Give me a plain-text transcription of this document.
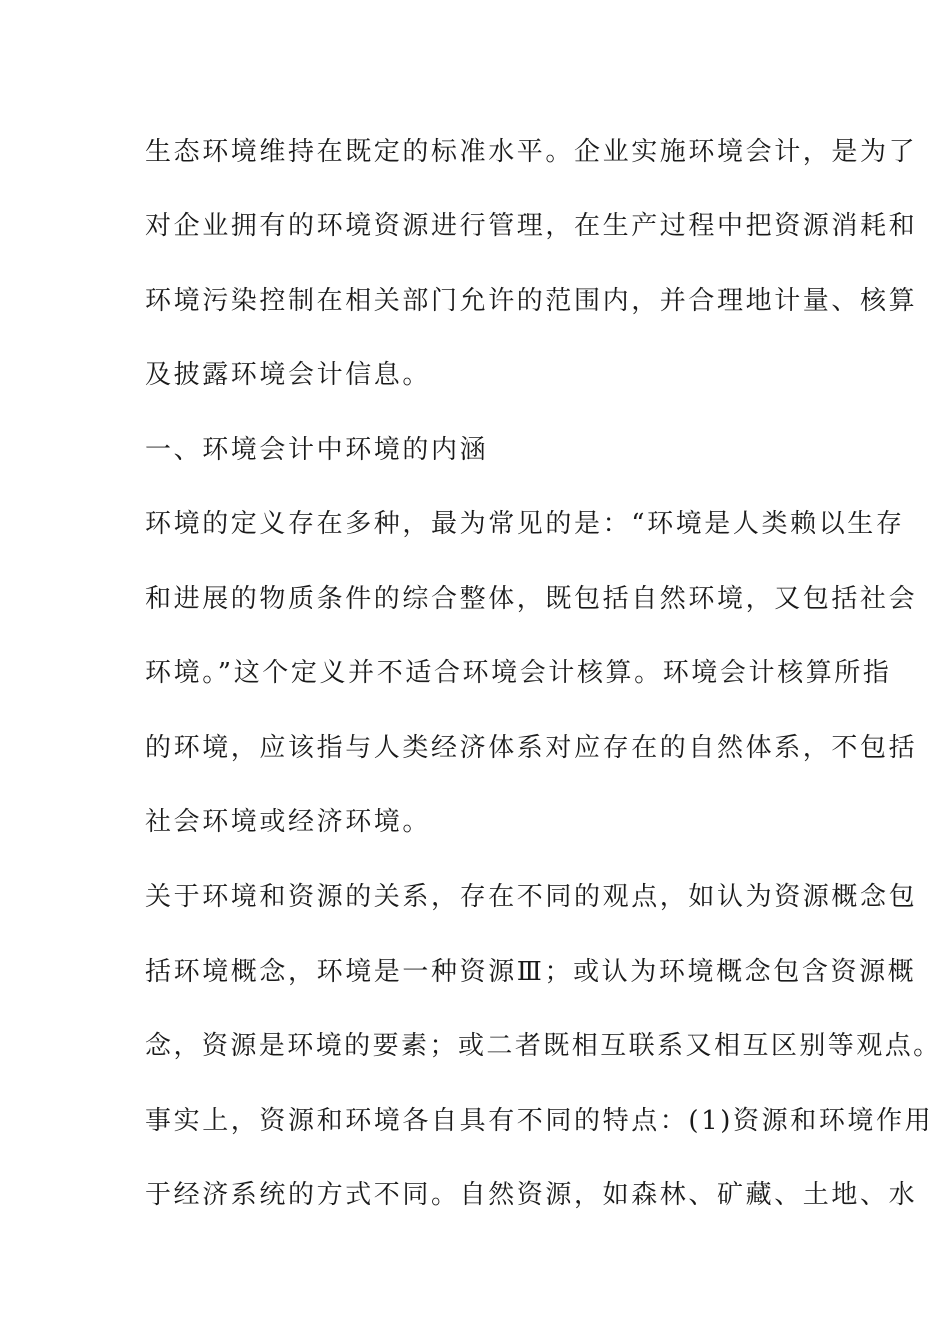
生态环境维持在既定的标准水平。企业实施环境会计，是为了
对企业拥有的环境资源进行管理，在生产过程中把资源消耗和
环境污染控制在相关部门允许的范围内，并合理地计量、核算
及披露环境会计信息。
一、环境会计中环境的内涵
环境的定义存在多种，最为常见的是：“环境是人类赖以生存
和进展的物质条件的综合整体，既包括自然环境，又包括社会
环境。”这个定义并不适合环境会计核算。环境会计核算所指
的环境，应该指与人类经济体系对应存在的自然体系，不包括
社会环境或经济环境。
关于环境和资源的关系，存在不同的观点，如认为资源概念包
括环境概念，环境是一种资源Ⅲ；或认为环境概念包含资源概
念，资源是环境的要素；或二者既相互联系又相互区别等观点。
事实上，资源和环境各自具有不同的特点：(1)资源和环境作用
于经济系统的方式不同。自然资源，如森林、矿藏、土地、水
